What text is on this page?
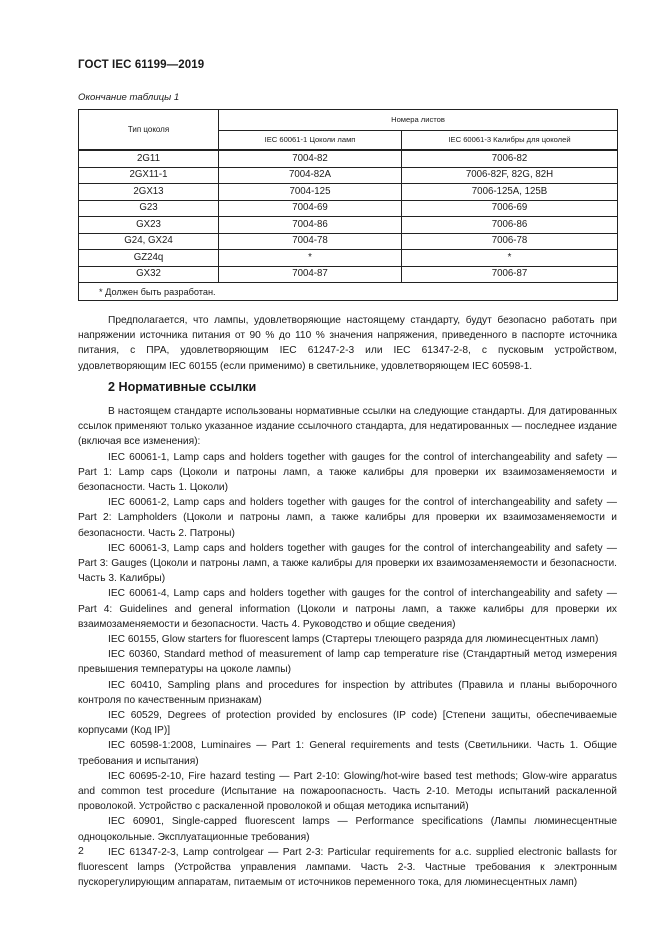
ГОСТ IEC 61199—2019
Окончание таблицы 1
Тип цоколя	Номера листов	
	IEC 60061-1 Цоколи ламп	IEC 60061-3 Калибры для цоколей
2G11	7004-82	7006-82
2GX11-1	7004-82A	7006-82F, 82G, 82H
2GX13	7004-125	7006-125A, 125B
G23	7004-69	7006-69
GX23	7004-86	7006-86
G24, GX24	7004-78	7006-78
GZ24q	*	*
GX32	7004-87	7006-87
* Должен быть разработан.		

Предполагается, что лампы, удовлетворяющие настоящему стандарту, будут безопасно работать при напряжении источника питания от 90 % до 110 % значения напряжения, приведенного в паспорте источника питания, с ПРА, удовлетворяющим IEC 61247-2-3 или IEC 61347-2-8, с пусковым устройством, удовлетворяющим IEC 60155 (если применимо) в светильнике, удовлетворяющем IEC 60598-1.

2 Нормативные ссылки

В настоящем стандарте использованы нормативные ссылки на следующие стандарты. Для датированных ссылок применяют только указанное издание ссылочного стандарта, для недатированных — последнее издание (включая все изменения):

IEC 60061-1, Lamp caps and holders together with gauges for the control of interchangeability and safety — Part 1: Lamp caps (Цоколи и патроны ламп, а также калибры для проверки их взаимозаменяемости и безопасности. Часть 1. Цоколи)

IEC 60061-2, Lamp caps and holders together with gauges for the control of interchangeability and safety — Part 2: Lampholders (Цоколи и патроны ламп, а также калибры для проверки их взаимозаменяемости и безопасности. Часть 2. Патроны)

IEC 60061-3, Lamp caps and holders together with gauges for the control of interchangeability and safety — Part 3: Gauges (Цоколи и патроны ламп, а также калибры для проверки их взаимозаменяемости и безопасности. Часть 3. Калибры)

IEC 60061-4, Lamp caps and holders together with gauges for the control of interchangeability and safety — Part 4: Guidelines and general information (Цоколи и патроны ламп, а также калибры для проверки их взаимозаменяемости и безопасности. Часть 4. Руководство и общие сведения)

IEC 60155, Glow starters for fluorescent lamps (Стартеры тлеющего разряда для люминесцентных ламп)

IEC 60360, Standard method of measurement of lamp cap temperature rise (Стандартный метод измерения превышения температуры на цоколе лампы)

IEC 60410, Sampling plans and procedures for inspection by attributes (Правила и планы выборочного контроля по качественным признакам)

IEC 60529, Degrees of protection provided by enclosures (IP code) [Степени защиты, обеспечиваемые корпусами (Код IP)]

IEC 60598-1:2008, Luminaires — Part 1: General requirements and tests (Светильники. Часть 1. Общие требования и испытания)

IEC 60695-2-10, Fire hazard testing — Part 2-10: Glowing/hot-wire based test methods; Glow-wire apparatus and common test procedure (Испытание на пожароопасность. Часть 2-10. Методы испытаний раскаленной проволокой. Устройство с раскаленной проволокой и общая методика испытаний)

IEC 60901, Single-capped fluorescent lamps — Performance specifications (Лампы люминесцентные одноцокольные. Эксплуатационные требования)

IEC 61347-2-3, Lamp controlgear — Part 2-3: Particular requirements for a.c. supplied electronic ballasts for fluorescent lamps (Устройства управления лампами. Часть 2-3. Частные требования к электронным пускорегулирующим аппаратам, питаемым от источников переменного тока, для люминесцентных ламп)

2
